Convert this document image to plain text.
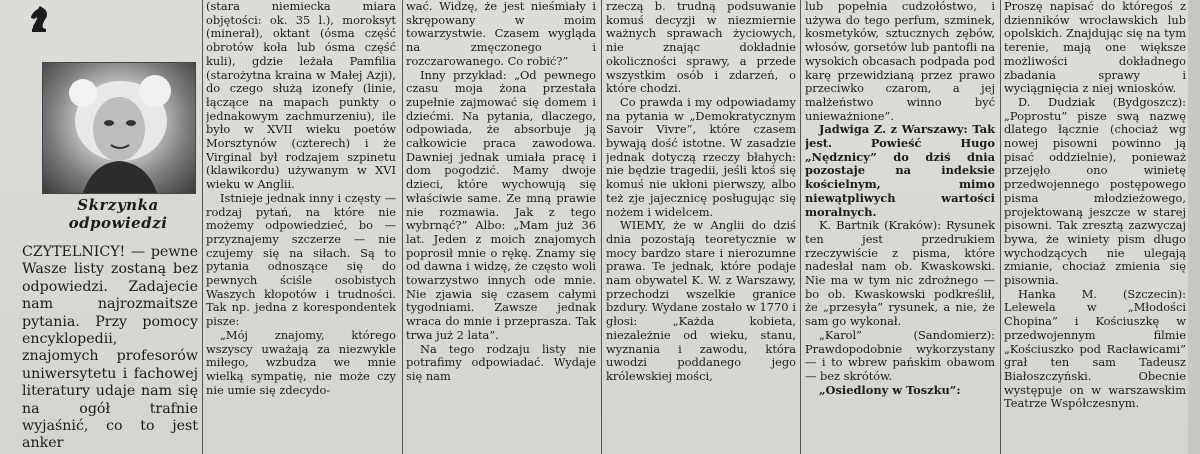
Skrzynka
odpowiedzi

CZYTELNICY! — pewne Wasze listy zostaną bez odpowiedzi. Zadajecie nam najrozmaitsze pytania. Przy pomocy encyklopedii, znajomych profesorów uniwersytetu i fachowej literatury udaje nam się na ogół trafnie wyjaśnić, co to jest anker

(stara niemiecka miara objętości: ok. 35 l.), moroksyt (minerał), oktant (ósma część obrotów koła lub ósma część kuli), gdzie leżała Pamfilia (starożytna kraina w Małej Azji), do czego służą izonefy (linie, łączące na mapach punkty o jednakowym zachmurzeniu), ile było w XVII wieku poetów Morsztynów (czterech) i że Virginal był rodzajem szpinetu (klawikordu) używanym w XVI wieku w Anglii.

Istnieje jednak inny i częsty — rodzaj pytań, na które nie możemy odpowiedzieć, bo — przyznajemy szczerze — nie czujemy się na siłach. Są to pytania odnoszące się do pewnych ściśle osobistych Waszych kłopotów i trudności. Tak np. jedna z korespondentek pisze:

„Mój znajomy, którego wszyscy uważają za niezwykle miłego, wzbudza we mnie wielką sympatię, nie może czy nie umie się zdecydo-

wać. Widzę, że jest nieśmiały i skrępowany w moim towarzystwie. Czasem wygląda na zmęczonego i rozczarowanego. Co robić?”

Inny przykład: „Od pewnego czasu moja żona przestała zupełnie zajmować się domem i dziećmi. Na pytania, dlaczego, odpowiada, że absorbuje ją całkowicie praca zawodowa. Dawniej jednak umiała pracę i dom pogodzić. Mamy dwoje dzieci, które wychowują się właściwie same. Ze mną prawie nie rozmawia. Jak z tego wybrnąć?” Albo: „Mam już 36 lat. Jeden z moich znajomych poprosił mnie o rękę. Znamy się od dawna i widzę, że często woli towarzystwo innych ode mnie. Nie zjawia się czasem całymi tygodniami. Zawsze jednak wraca do mnie i przeprasza. Tak trwa już 2 lata”.

Na tego rodzaju listy nie potrafimy odpowiadać. Wydaje się nam

rzeczą b. trudną podsuwanie komuś decyzji w niezmiernie ważnych sprawach życiowych, nie znając dokładnie okoliczności sprawy, a przede wszystkim osób i zdarzeń, o które chodzi.

Co prawda i my odpowiadamy na pytania w „Demokratycznym Savoir Vivre”, które czasem bywają dość istotne. W zasadzie jednak dotyczą rzeczy błahych: nie będzie tragedii, jeśli ktoś się komuś nie ukłoni pierwszy, albo też zje jajecznicę posługując się nożem i widelcem.

WIEMY, że w Anglii do dziś dnia pozostają teoretycznie w mocy bardzo stare i nierozumne prawa. Te jednak, które podaje nam obywatel K. W. z Warszawy, przechodzi wszelkie granice bzdury. Wydane zostało w 1770 i głosi: „Każda kobieta, niezależnie od wieku, stanu, wyznania i zawodu, która uwodzi poddanego jego królewskiej mości,

lub popełnia cudzołóstwo, i używa do tego perfum, szminek, kosmetyków, sztucznych zębów, włosów, gorsetów lub pantofli na wysokich obcasach podpada pod karę przewidzianą przez prawo przeciwko czarom, a jej małżeństwo winno być unieważnione”.

Jadwiga Z. z Warszawy: Tak jest. Powieść Hugo „Nędznicy” do dziś dnia pozostaje na indeksie kościelnym, mimo niewątpliwych wartości moralnych.

K. Bartnik (Kraków): Rysunek ten jest przedrukiem rzeczywiście z pisma, które nadesłał nam ob. Kwaskowski. Nie ma w tym nic zdrożnego — bo ob. Kwaskowski podkreślił, że „przesyła” rysunek, a nie, że sam go wykonał.

„Karol” (Sandomierz): Prawdopodobnie wykorzystany — i to wbrew pańskim obawom — bez skrótów.

„Osiedlony w Toszku”:

Proszę napisać do któregoś z dzienników wrocławskich lub opolskich. Znajdując się na tym terenie, mają one większe możliwości dokładnego zbadania sprawy i wyciągnięcia z niej wniosków.

D. Dudziak (Bydgoszcz): „Poprostu” pisze swą nazwę dlatego łącznie (chociaż wg nowej pisowni powinno ją pisać oddzielnie), ponieważ przejęło ono winietę przedwojennego postępowego pisma młodzieżowego, projektowaną jeszcze w starej pisowni. Tak zresztą zazwyczaj bywa, że winiety pism długo wychodzących nie ulegają zmianie, chociaż zmienia się pisownia.

Hanka M. (Szczecin): Lelewela w „Młodości Chopina” i Kościuszkę w przedwojennym filmie „Kościuszko pod Racławicami” grał ten sam Tadeusz Białoszczyński. Obecnie występuje on w warszawskim Teatrze Współczesnym.
